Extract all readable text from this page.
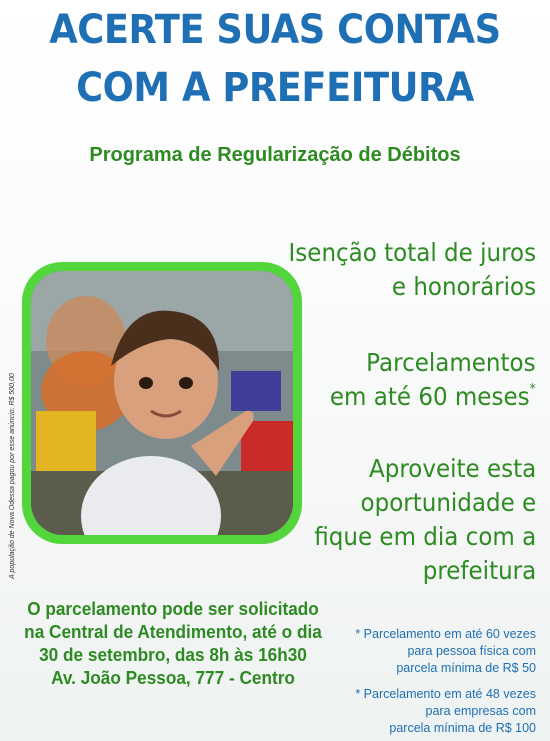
ACERTE SUAS CONTAS
COM A PREFEITURA
Programa de Regularização de Débitos
A população de Nova Odessa pagou por esse anúncio: R$ 500,00
Isenção total de juros
e honorários
Parcelamentos
em até 60 meses*
Aproveite esta
oportunidade e
fique em dia com a
prefeitura
O parcelamento pode ser solicitado
na Central de Atendimento, até o dia
30 de setembro, das 8h às 16h30
Av. João Pessoa, 777 - Centro
* Parcelamento em até 60 vezes
para pessoa física com
parcela mínima de R$ 50
* Parcelamento em até 48 vezes
para empresas com
parcela mínima de R$ 100
